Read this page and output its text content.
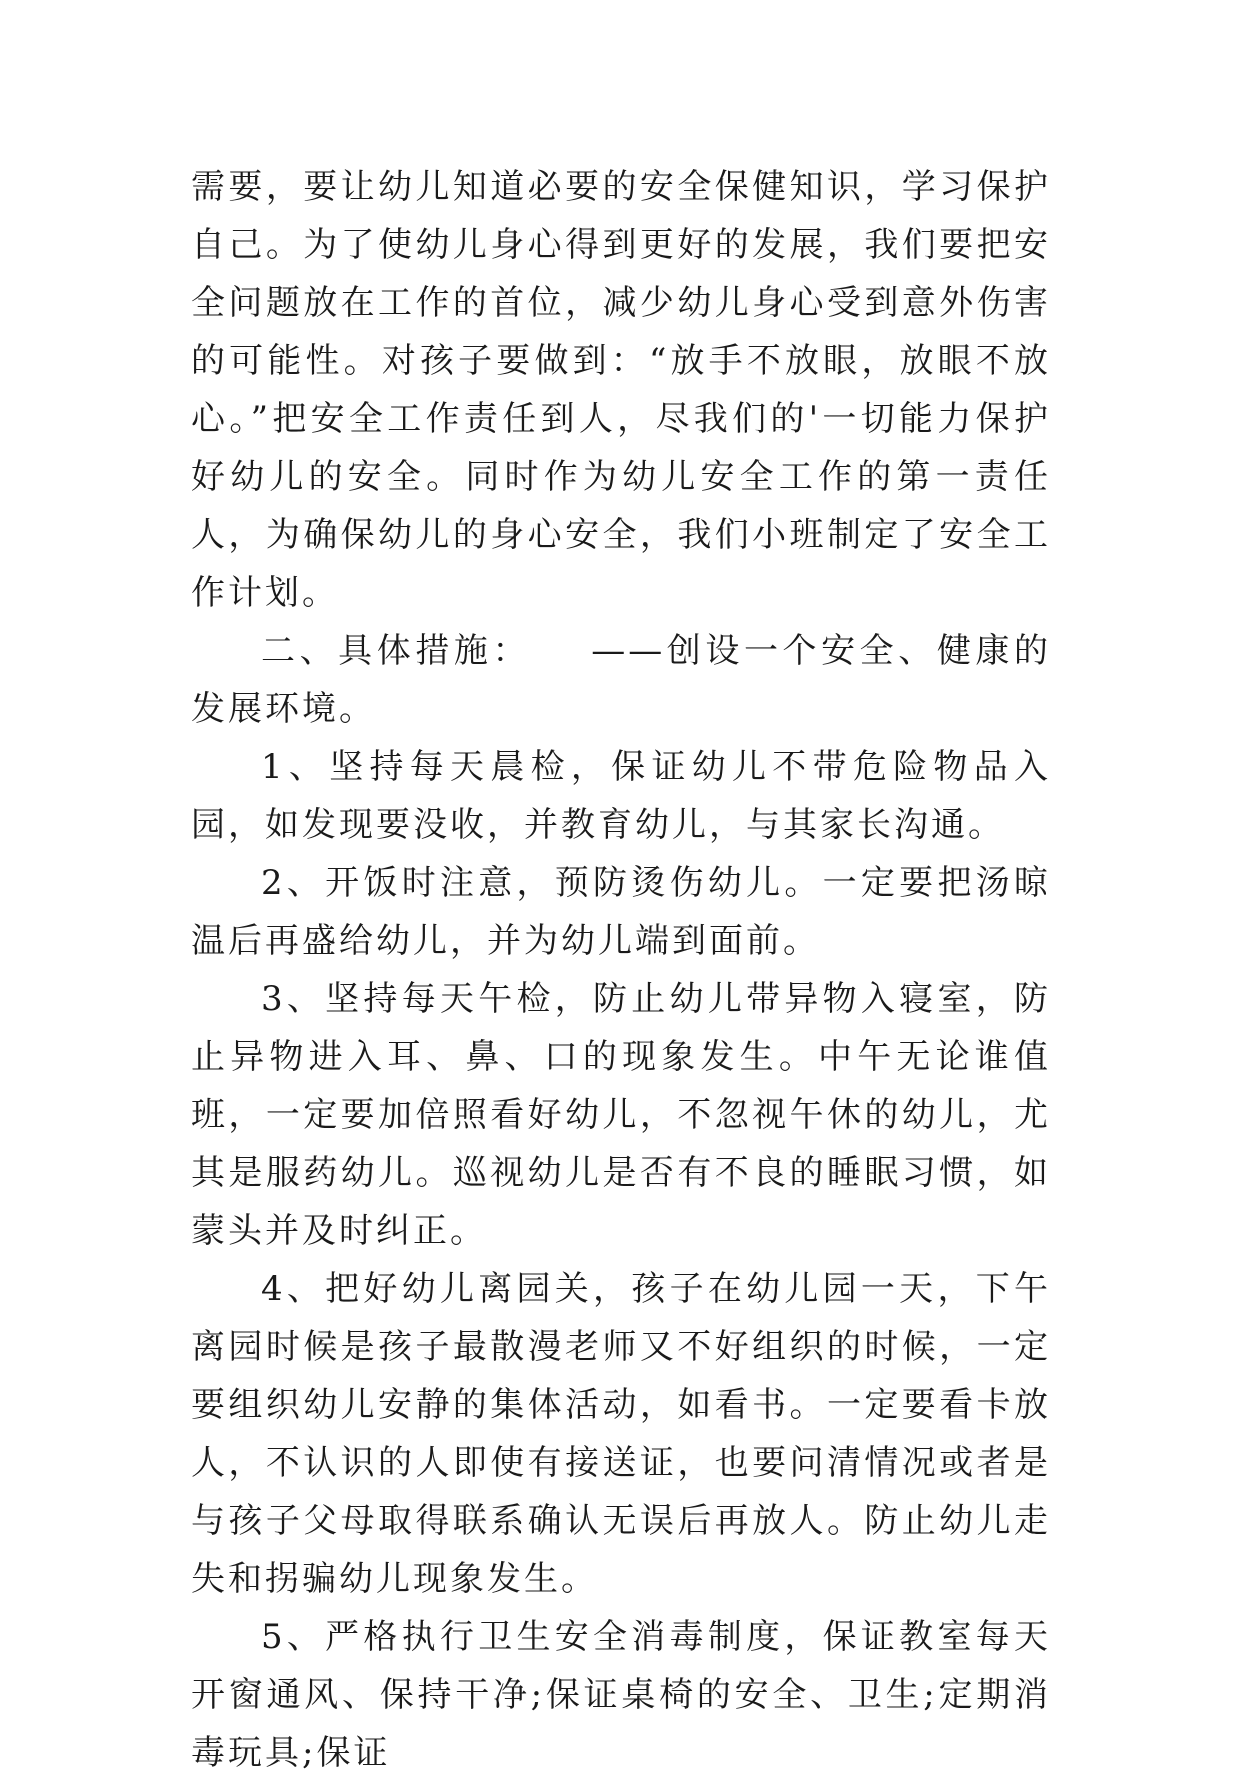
需要，要让幼儿知道必要的安全保健知识，学习保护自己。为了使幼儿身心得到更好的发展，我们要把安全问题放在工作的首位，减少幼儿身心受到意外伤害的可能性。对孩子要做到：“放手不放眼，放眼不放心。”把安全工作责任到人，尽我们的'一切能力保护好幼儿的安全。同时作为幼儿安全工作的第一责任人，为确保幼儿的身心安全，我们小班制定了安全工作计划。

二、具体措施：　　——创设一个安全、健康的发展环境。

1、坚持每天晨检，保证幼儿不带危险物品入园，如发现要没收，并教育幼儿，与其家长沟通。

2、开饭时注意，预防烫伤幼儿。一定要把汤晾温后再盛给幼儿，并为幼儿端到面前。

3、坚持每天午检，防止幼儿带异物入寝室，防止异物进入耳、鼻、口的现象发生。中午无论谁值班，一定要加倍照看好幼儿，不忽视午休的幼儿，尤其是服药幼儿。巡视幼儿是否有不良的睡眠习惯，如蒙头并及时纠正。

4、把好幼儿离园关，孩子在幼儿园一天，下午离园时候是孩子最散漫老师又不好组织的时候，一定要组织幼儿安静的集体活动，如看书。一定要看卡放人，不认识的人即使有接送证，也要问清情况或者是与孩子父母取得联系确认无误后再放人。防止幼儿走失和拐骗幼儿现象发生。

5、严格执行卫生安全消毒制度，保证教室每天开窗通风、保持干净;保证桌椅的安全、卫生;定期消毒玩具;保证
